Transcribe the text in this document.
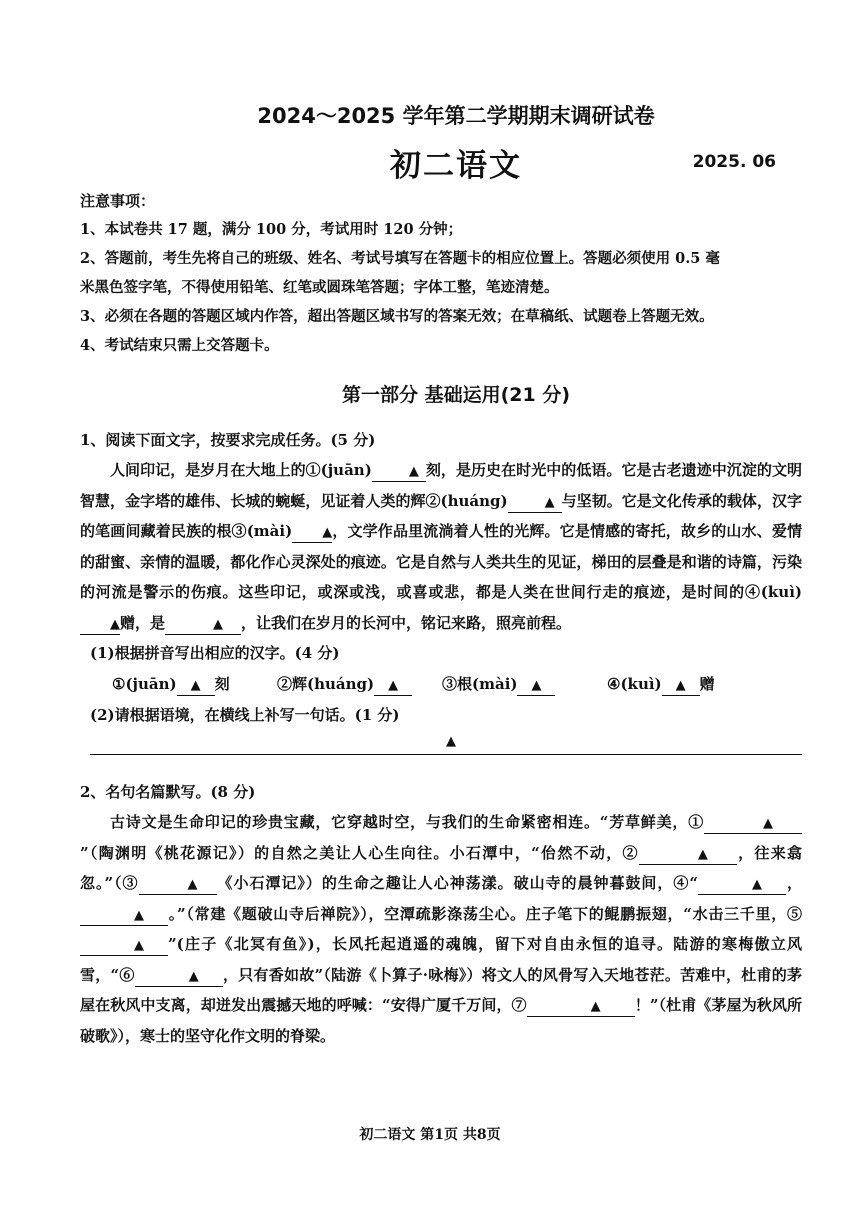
2024～2025 学年第二学期期末调研试卷
初二语文	2025. 06

注意事项：

1、本试卷共 17 题，满分 100 分，考试用时 120 分钟；
2、答题前，考生先将自己的班级、姓名、考试号填写在答题卡的相应位置上。答题必须使用 0.5 毫
米黑色签字笔，不得使用铅笔、红笔或圆珠笔答题；字体工整，笔迹清楚。
3、必须在各题的答题区域内作答，超出答题区域书写的答案无效；在草稿纸、试题卷上答题无效。
4、考试结束只需上交答题卡。
第一部分 基础运用(21 分)

1、阅读下面文字，按要求完成任务。(5 分)

人间印记，是岁月在大地上的①(juān)	▲ 刻，是历史在时光中的低语。它是古老遗迹中沉淀的文明智慧，金字塔的雄伟、长城的蜿蜒，见证着人类的辉②(huáng)	▲ 与坚韧。它是文化传承的载体，汉字的笔画间藏着民族的根③(mài) ▲，文学作品里流淌着人性的光辉。它是情感的寄托，故乡的山水、爱情的甜蜜、亲情的温暖，都化作心灵深处的痕迹。它是自然与人类共生的见证，梯田的层叠是和谐的诗篇，污染的河流是警示的伤痕。这些印记，或深或浅，或喜或悲，都是人类在世间行走的痕迹，是时间的④(kuì)▲赠，是	▲ ，让我们在岁月的长河中，铭记来路，照亮前程。

(1)根据拼音写出相应的汉字。(4 分)

①(juān) ▲ 刻	②辉(huáng) ▲	③根(mài) ▲	④(kuì) ▲ 赠

(2)请根据语境，在横线上补写一句话。(1 分)

▲

2、名句名篇默写。(8 分)

古诗文是生命印记的珍贵宝藏，它穿越时空，与我们的生命紧密相连。“芳草鲜美，①	▲”（陶渊明《桃花源记》）的自然之美让人心生向往。小石潭中，“佁然不动，②	▲ ，往来翕忽。”（③	▲ 《小石潭记》）的生命之趣让人心神荡漾。破山寺的晨钟暮鼓间，④“	▲ ，▲ 。”（常建《题破山寺后禅院》），空潭疏影涤荡尘心。庄子笔下的鲲鹏振翅，“水击三千里，⑤▲ ”(庄子《北冥有鱼》)，长风托起逍遥的魂魄，留下对自由永恒的追寻。陆游的寒梅傲立风雪，“⑥	▲ ，只有香如故”（陆游《卜算子·咏梅》）将文人的风骨写入天地苍茫。苦难中，杜甫的茅屋在秋风中支离，却迸发出震撼天地的呼喊：“安得广厦千万间，⑦	▲ ！”（杜甫《茅屋为秋风所破歌》），寒士的坚守化作文明的脊梁。

初二语文 第1页 共8页
